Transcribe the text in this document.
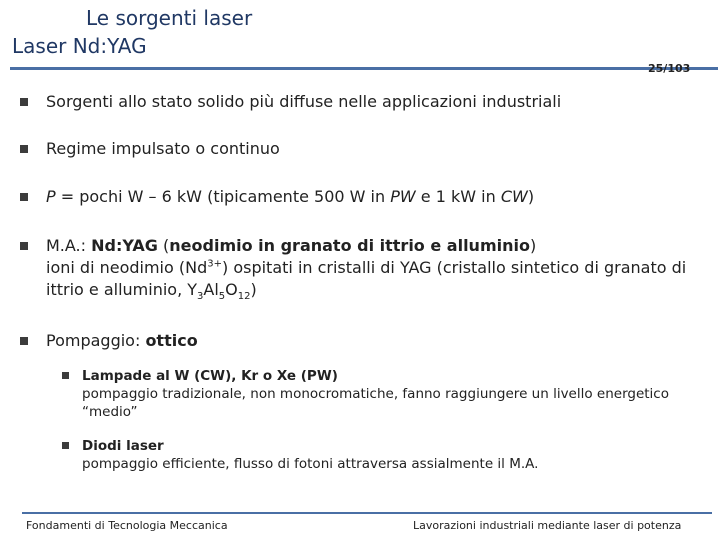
Le sorgenti laser
Laser Nd:YAG
25/103
Sorgenti allo stato solido più diffuse nelle applicazioni industriali
Regime impulsato o continuo
P = pochi W – 6 kW (tipicamente 500 W in PW e 1 kW in CW)
M.A.: Nd:YAG (neodimio in granato di ittrio e alluminio)
ioni di neodimio $(Nd^{3+})$ ospitati in cristalli di YAG (cristallo sintetico di granato di
ittrio e alluminio, $Y_3Al_5O_{12}$)
Pompaggio: ottico
Lampade al W (CW), Kr o Xe (PW)
pompaggio tradizionale, non monocromatiche, fanno raggiungere un livello energetico “medio”
Diodi laser
pompaggio efficiente, flusso di fotoni attraversa assialmente il M.A.
Fondamenti di Tecnologia Meccanica	Lavorazioni industriali mediante laser di potenza
